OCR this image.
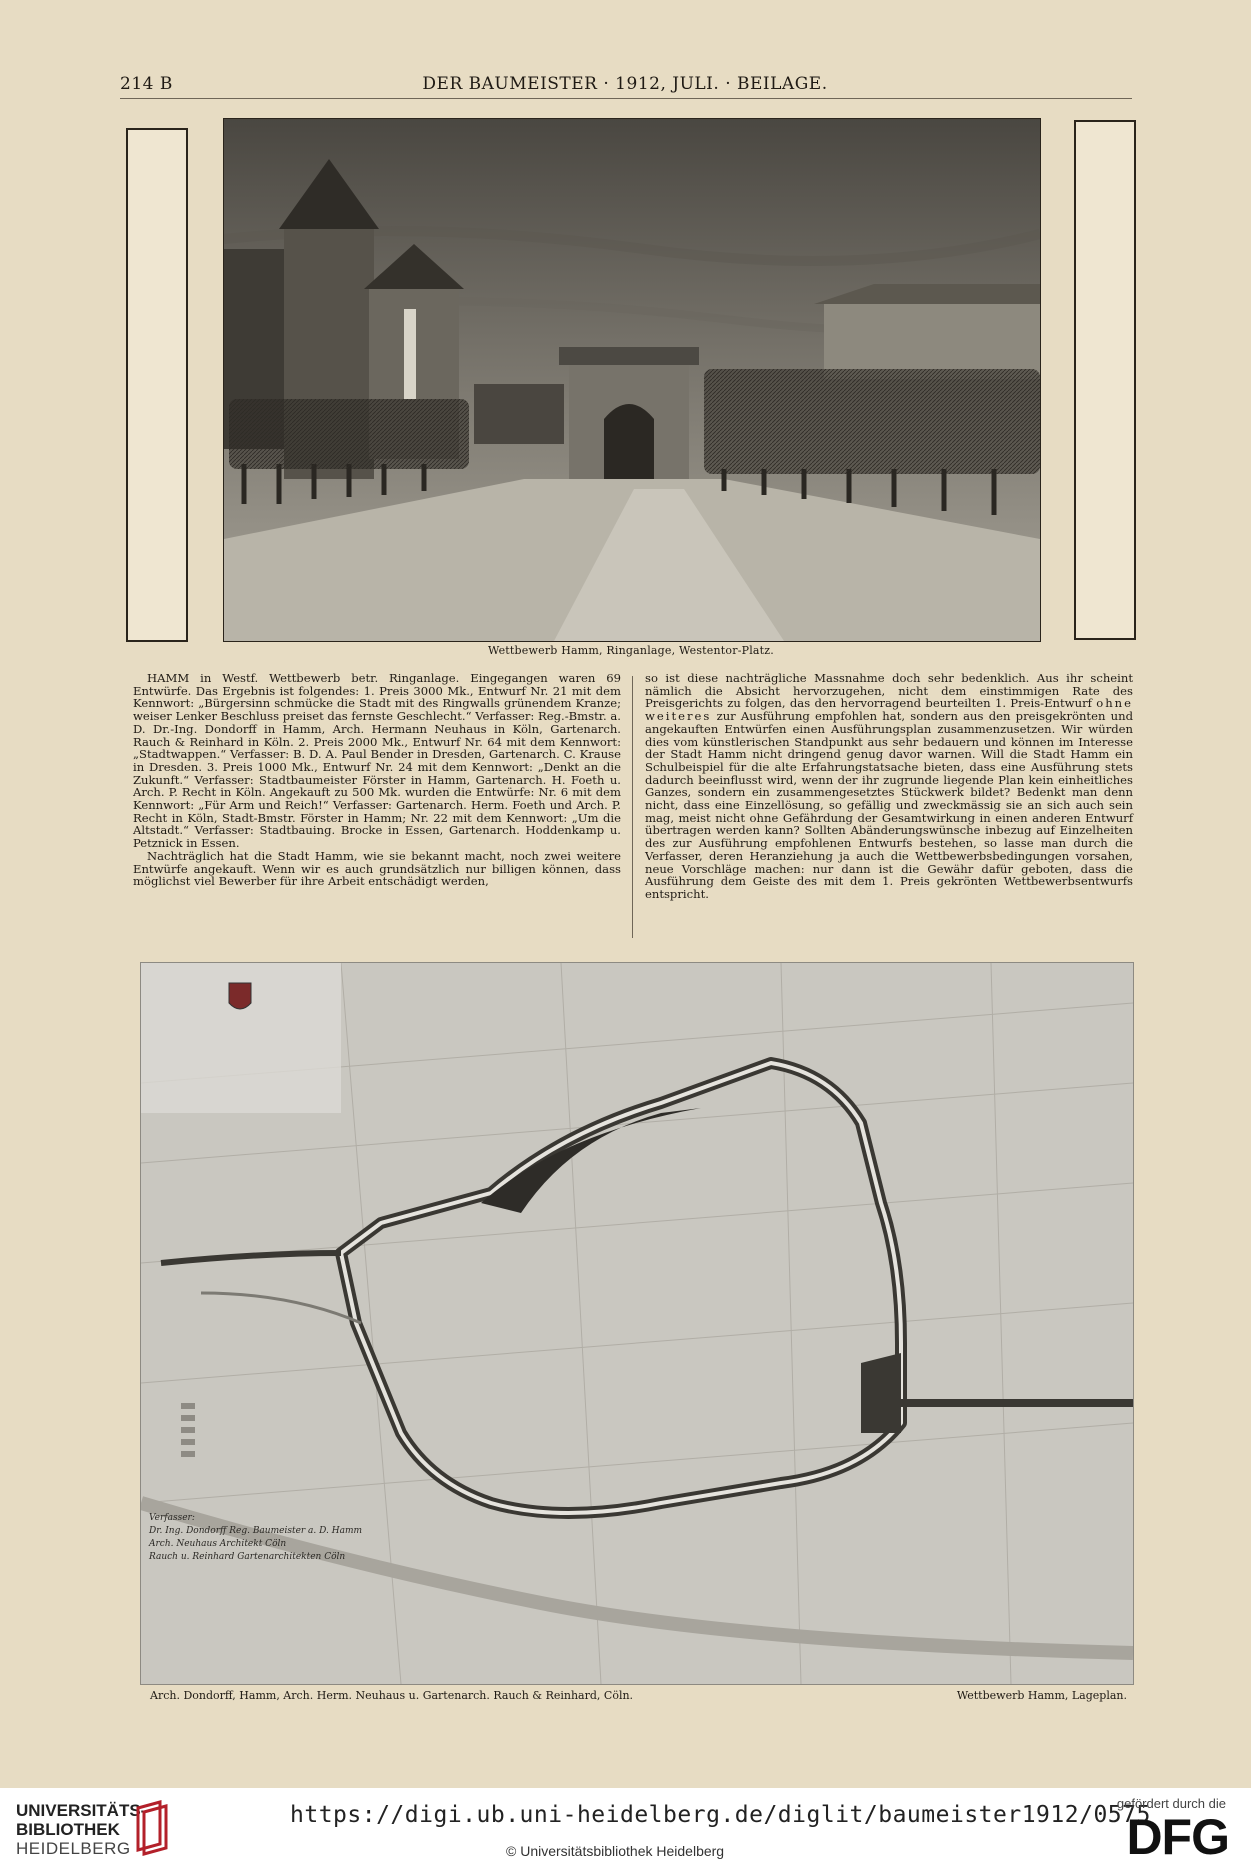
214 B	DER BAUMEISTER · 1912, JULI. · BEILAGE.
Wettbewerb Hamm, Ringanlage, Westentor-Platz.

HAMM in Westf. Wettbewerb betr. Ringanlage. Eingegangen waren 69 Entwürfe. Das Ergebnis ist folgendes: 1. Preis 3000 Mk., Entwurf Nr. 21 mit dem Kennwort: „Bürgersinn schmücke die Stadt mit des Ringwalls grünendem Kranze; weiser Lenker Beschluss preiset das fernste Geschlecht.“ Verfasser: Reg.-Bmstr. a. D. Dr.-Ing. Dondorff in Hamm, Arch. Hermann Neuhaus in Köln, Gartenarch. Rauch & Reinhard in Köln. 2. Preis 2000 Mk., Entwurf Nr. 64 mit dem Kennwort: „Stadtwappen.“ Verfasser: B. D. A. Paul Bender in Dresden, Gartenarch. C. Krause in Dresden. 3. Preis 1000 Mk., Entwurf Nr. 24 mit dem Kennwort: „Denkt an die Zukunft.“ Verfasser: Stadtbaumeister Förster in Hamm, Gartenarch. H. Foeth u. Arch. P. Recht in Köln. Angekauft zu 500 Mk. wurden die Entwürfe: Nr. 6 mit dem Kennwort: „Für Arm und Reich!“ Verfasser: Gartenarch. Herm. Foeth und Arch. P. Recht in Köln, Stadt-Bmstr. Förster in Hamm; Nr. 22 mit dem Kennwort: „Um die Altstadt.“ Verfasser: Stadtbauing. Brocke in Essen, Gartenarch. Hoddenkamp u. Petznick in Essen.

Nachträglich hat die Stadt Hamm, wie sie bekannt macht, noch zwei weitere Entwürfe angekauft. Wenn wir es auch grundsätzlich nur billigen können, dass möglichst viel Bewerber für ihre Arbeit entschädigt werden,

so ist diese nachträgliche Massnahme doch sehr bedenklich. Aus ihr scheint nämlich die Absicht hervorzugehen, nicht dem einstimmigen Rate des Preisgerichts zu folgen, das den hervorragend beurteilten 1. Preis-Entwurf ohne weiteres zur Ausführung empfohlen hat, sondern aus den preisgekrönten und angekauften Entwürfen einen Ausführungsplan zusammenzusetzen. Wir würden dies vom künstlerischen Standpunkt aus sehr bedauern und können im Interesse der Stadt Hamm nicht dringend genug davor warnen. Will die Stadt Hamm ein Schulbeispiel für die alte Erfahrungstatsache bieten, dass eine Ausführung stets dadurch beeinflusst wird, wenn der ihr zugrunde liegende Plan kein einheitliches Ganzes, sondern ein zusammengesetztes Stückwerk bildet? Bedenkt man denn nicht, dass eine Einzellösung, so gefällig und zweckmässig sie an sich auch sein mag, meist nicht ohne Gefährdung der Gesamtwirkung in einen anderen Entwurf übertragen werden kann? Sollten Abänderungswünsche inbezug auf Einzelheiten des zur Ausführung empfohlenen Entwurfs bestehen, so lasse man durch die Verfasser, deren Heranziehung ja auch die Wettbewerbsbedingungen vorsahen, neue Vorschläge machen: nur dann ist die Gewähr dafür geboten, dass die Ausführung dem Geiste des mit dem 1. Preis gekrönten Wettbewerbsentwurfs entspricht.

Verfasser:
Dr. Ing. Dondorff Reg. Baumeister a. D. Hamm
Arch. Neuhaus Architekt Cöln
Rauch u. Reinhard Gartenarchitekten Cöln
Arch. Dondorff, Hamm, Arch. Herm. Neuhaus u. Gartenarch. Rauch & Reinhard, Cöln.	Wettbewerb Hamm, Lageplan.
UNIVERSITÄTS-
BIBLIOTHEK
HEIDELBERG
https://digi.ub.uni-heidelberg.de/diglit/baumeister1912/0575
© Universitätsbibliothek Heidelberg
gefördert durch die
DFG
